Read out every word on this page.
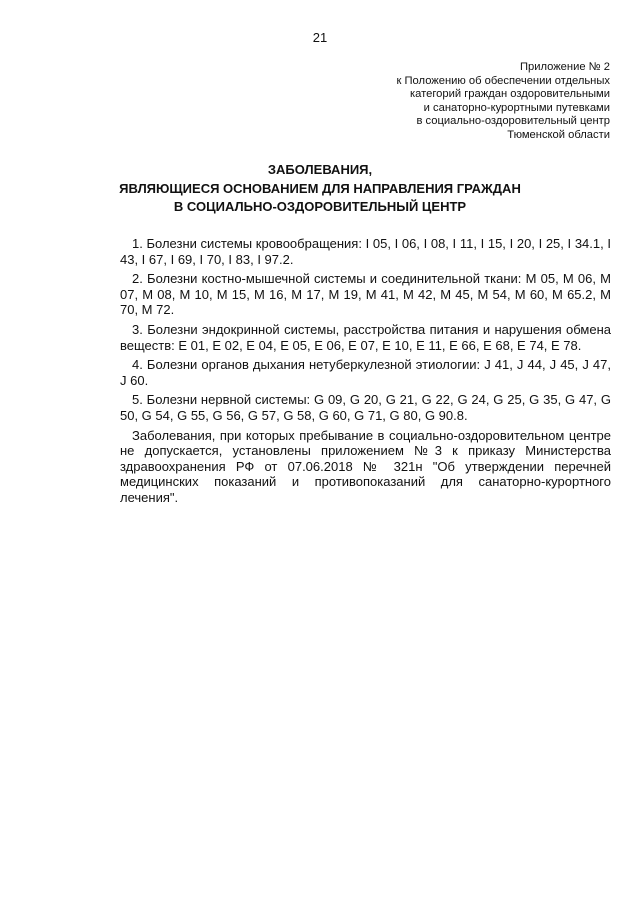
21
Приложение № 2
к Положению об обеспечении отдельных
категорий граждан оздоровительными
и санаторно-курортными путевками
в социально-оздоровительный центр
Тюменской области
ЗАБОЛЕВАНИЯ,
ЯВЛЯЮЩИЕСЯ ОСНОВАНИЕМ ДЛЯ НАПРАВЛЕНИЯ ГРАЖДАН
В СОЦИАЛЬНО-ОЗДОРОВИТЕЛЬНЫЙ ЦЕНТР

1. Болезни системы кровообращения: I 05, I 06, I 08, I 11, I 15, I 20, I 25, I 34.1, I 43, I 67, I 69, I 70, I 83, I 97.2.

2. Болезни костно-мышечной системы и соединительной ткани: M 05, M 06, M 07, M 08, M 10, M 15, M 16, M 17, M 19, M 41, M 42, M 45, M 54, M 60, M 65.2, M 70, M 72.

3. Болезни эндокринной системы, расстройства питания и нарушения обмена веществ: E 01, E 02, E 04, E 05, E 06, E 07, E 10, E 11, E 66, E 68, E 74, E 78.

4. Болезни органов дыхания нетуберкулезной этиологии: J 41, J 44, J 45, J 47, J 60.

5. Болезни нервной системы: G 09, G 20, G 21, G 22, G 24, G 25, G 35, G 47, G 50, G 54, G 55, G 56, G 57, G 58, G 60, G 71, G 80, G 90.8.

Заболевания, при которых пребывание в социально-оздоровительном центре не допускается, установлены приложением №3 к приказу Министерства здравоохранения РФ от 07.06.2018 № 321н "Об утверждении перечней медицинских показаний и противопоказаний для санаторно-курортного лечения".
